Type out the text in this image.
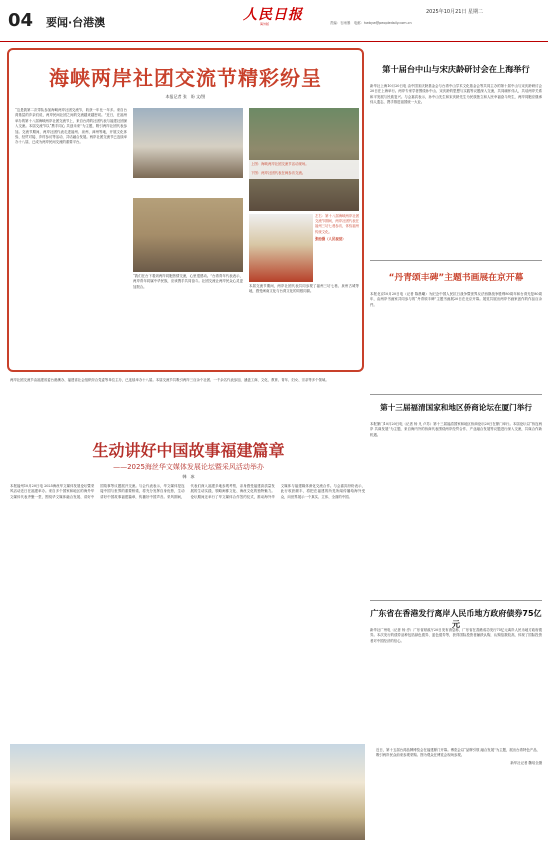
04 要闻·台港澳	人民日报
海外版
2025年10月21日 星期二
责编：石雨墨　电邮：hwbyw@peopledaily.com.cn
海峡两岸社团交流节精彩纷呈
本报记者 张　盼 文/图
“这是我第二次带队参加海峡两岸社团交流节，收获一年比一年多。来自台湾基层的乡亲们说，两岸民间社团之间的交流越来越密切。”近日，在福州举办的第十八届海峡两岸社团交流节上，来自台湾的社团代表与福建社团深入交流。本届交流节以“携手同心 共创未来”为主题，吸引两岸社团代表参加。交流节期间，两岸社团代表走进福州、泉州、漳州等地，开展文化体验、经贸对接、乡村参访等活动，共话融合发展。两岸社团交流节已连续举办十八届，已成为两岸民间交流的重要平台。
“我们在台下看到两岸同胞热情交流，心里很感动。”台湾青年代表表示，两岸青年同属中华民族，应该携手共同奋斗。社团交流让两岸民众心灵更加契合。
上图：海峡两岸社团交流节活动现场。
下图：两岸社团代表在闽参访交流。
左右：第十八届海峡两岸社团交流节期间，两岸社团代表在福州三坊七巷参访，体验福州传统文化。
张盼摄（人民视觉）
本届交流节期间，两岸社团代表共同参观了福州三坊七巷、泉州古城等地，感受闽南文化与台湾文化的同根同源。
两岸社团交流节由福建省委台港澳办、福建省社会组织综合党委等单位主办，已连续举办十八届。本届交流节共吸引两岸三百余个社团、一千余名代表参加，涵盖工商、文化、教育、青年、妇女、宗亲等多个领域。
第十届台中山与宋庆龄研讨会在上海举行
新华社上海10月20日电 由中国宋庆龄基金会与台湾中山学术文化基金会等共同主办的第十届中山与宋庆龄研讨会20日在上海举行。两岸专家学者围绕孙中山、宋庆龄的思想与实践等议题深入交流，共同缅怀伟人，共话两岸关系和平发展与民族复兴。与会嘉宾表示，孙中山先生和宋庆龄先生为民族独立和人民幸福奋斗终生，两岸同胞应继承伟人遗志，携手推进祖国统一大业。
“丹青颂丰碑”主题书画展在京开幕
本报北京10月20日电（记者 陈晨曦）为纪念中国人民抗日战争暨世界反法西斯战争胜利80周年和台湾光复80周年，由两岸书画家共同参与的“丹青颂丰碑”主题书画展20日在北京开幕。展览共展出两岸书画家创作的作品百余件。
第十三届福清国家和地区侨商论坛在厦门举行
本报厦门10月20日电（记者 杨 凡 卢苏）第十三届福清国家和地区侨商论坛20日在厦门举行。本届论坛以“侨连两岸 共谋发展”为主题，来自海内外的侨商代表围绕两岸经贸合作、产业融合发展等议题进行深入交流，共谋合作新机遇。
广东省在香港发行离岸人民币地方政府债券75亿元
新华社广州电（记者 杨 淳）广东省财政厅20日发布消息称，广东省在香港成功发行75亿元离岸人民币地方政府债券。本次发行的债券品种包括绿色债券、蓝色债券等，获得国际投资者踊跃认购，认购倍数较高，体现了国际投资者对中国经济的信心。
生动讲好中国故事福建篇章
——2025海丝华文媒体发展论坛暨采风活动举办
韩　冰
本报福州10月20日电 2025海丝华文媒体发展论坛暨采风活动近日在福建举办。来自多个国家和地区的海外华文媒体代表齐聚一堂，围绕华文媒体融合发展、讲好中国故事等议题展开交流。与会代表表示，华文媒体是连接中国与世界的重要桥梁，将充分发挥自身优势，生动讲好中国故事福建篇章，传播好中国声音。采风期间，代表们深入福建多地参观考察，亲身感受福建高质量发展的生动实践，领略闽都文化、海丝文化的独特魅力。论坛期间还举行了华文媒体合作签约仪式，推动海外华文媒体与福建媒体深化交流合作。与会嘉宾纷纷表示，此行收获颇丰，将把在福建的所见所闻传播给海外受众，向世界展示一个真实、立体、全面的中国。
近日，第十五届台湾品牌博览会在福建厦门开幕。博览会以“品牌引领 融合发展”为主题，展出台湾特色产品，吸引两岸民众前来参观采购。图为观众在博览会现场参观。
新华社记者 魏培全摄
